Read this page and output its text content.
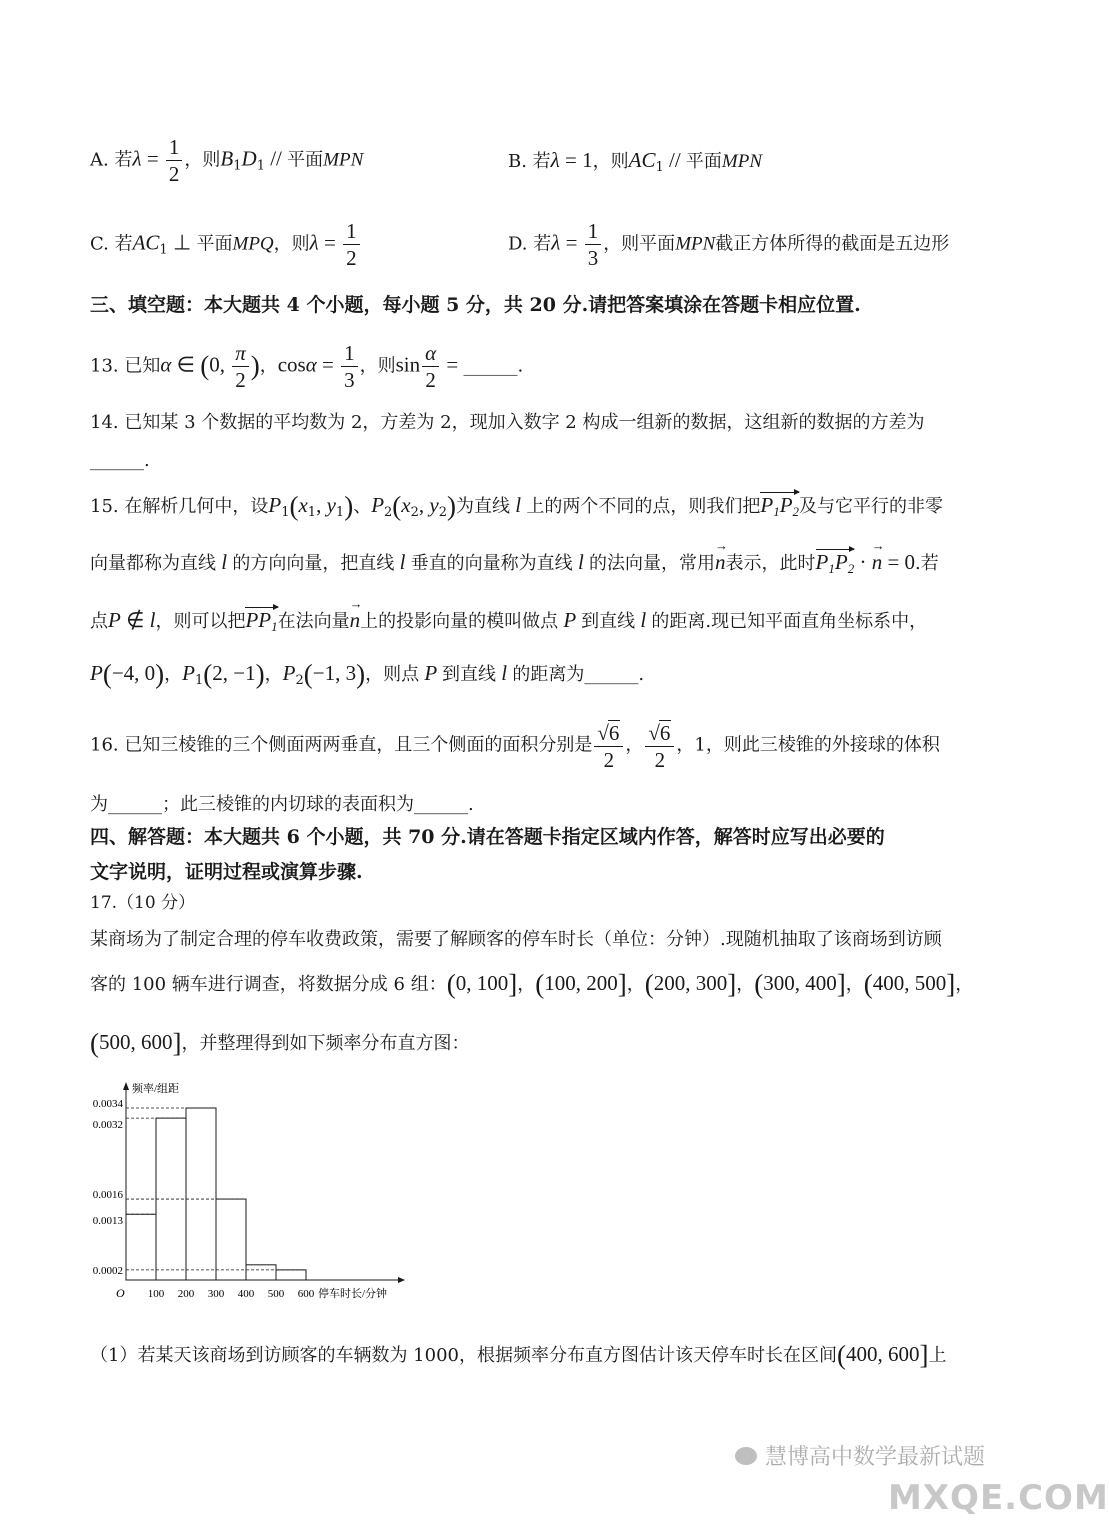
A. 若$\lambda = \frac{1}{2}$ ，则$B_1D_1$ // 平面MPN	B. 若λ = 1，则$AC_1$ // 平面MPN
C. 若$AC_1$ ⊥ 平面MPQ，则$\lambda = \frac{1}{2}$	D. 若$\lambda = \frac{1}{3}$ ，则平面MPN截正方体所得的截面是五边形
三、填空题：本大题共 4 个小题，每小题 5 分，共 20 分.请把答案填涂在答题卡相应位置.
13. 已知α ∈ (0, $\frac{\pi}{2}$ )，$\cos\alpha = \frac{1}{3}$ ，则$\sin \frac{\alpha}{2}$ = ______.
14. 已知某 3 个数据的平均数为 2，方差为 2，现加入数字 2 构成一组新的数据，这组新的数据的方差为
______.
15. 在解析几何中，设$P_1(x_1$, $y_1$)、$P_2(x_2$, $y_2$)为直线 l 上的两个不同的点，则我们把$P_1P_2$及与它平行的非零
向量都称为直线 l 的方向向量，把直线 l 垂直的向量称为直线 l 的法向量，常用→ n表示，此时$P_1P_2$ · → n = 0.若
点P ∉ l，则可以把$PP_1$在法向量→ n上的投影向量的模叫做点 P 到直线 l 的距离.现已知平面直角坐标系中，
P(−4, 0)，$P_1(2$, −1)，$P_2(-1$, 3)，则点 P 到直线 l 的距离为______.
16. 已知三棱锥的三个侧面两两垂直，且三个侧面的面积分别是 $\frac{√6}{2}$ ， $\frac{√6}{2}$ ，1，则此三棱锥的外接球的体积
为______；此三棱锥的内切球的表面积为______.
四、解答题：本大题共 6 个小题，共 70 分.请在答题卡指定区域内作答，解答时应写出必要的
文字说明，证明过程或演算步骤.
17.（10 分）
某商场为了制定合理的停车收费政策，需要了解顾客的停车时长（单位：分钟）.现随机抽取了该商场到访顾
客的 100 辆车进行调查，将数据分成 6 组：(0, 100]，(100, 200]，(200, 300]，(300, 400]，(400, 500]，
(500, 600]，并整理得到如下频率分布直方图：
频率/组距
O	停车时长/分钟
0.0034
0.0032
0.0016
0.0013
0.0002
100 200 300 400 500 600
（1）若某天该商场到访顾客的车辆数为 1000，根据频率分布直方图估计该天停车时长在区间(400, 600]上
慧博高中数学最新试题
MXQE.COM
